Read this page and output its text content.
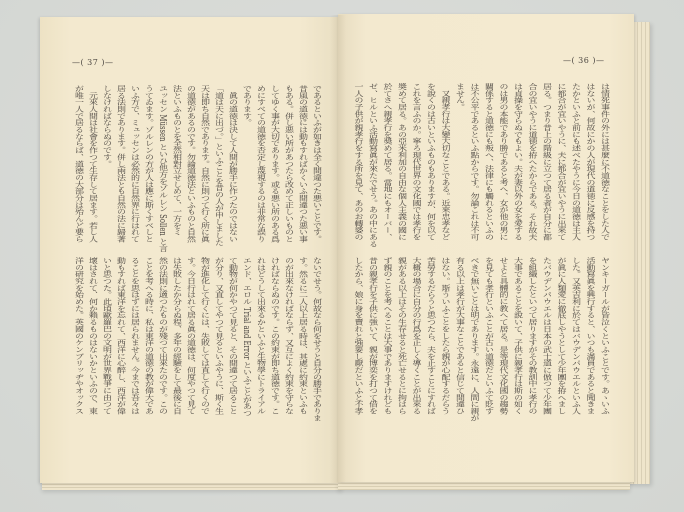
—( 37 )—	—( 36 )—
は情死事件の外には甚麼に不道徳なことをした人で
はないが、何故にかの人が現代の道徳に反感を持つ
たかといふと前にも述べたやうに今日の道徳は主人
に都合が宜いやうに、夫に都合が宜いやうに出來て
居る。つまり昔上の階級に立つて居る者が自分に都
合の宜いやうに道徳を拵へたからである。それ故夫
は貞操を守らぬでもよい。夫が妻以外の女を愛する
のは男の本能であり勝であると考へ、女が他の男に
關係すると道徳にも叛へ、法律にも觸れるといふの
は不公平であるといふ點からです。勿論これは不可
ません。
　又親孝行は大變大切なことである。近來忠孝など
を說くのは古いといふものもありますが、何を以て
これを言ふのか。寧ろ現代世界の文化國では孝行を
奬めて居る。あの亞米利加の自由な個人主義の國に
於てさへ親孝行を奬めて居る。當地にもオーバー、
ゼ、ヒルといふ活動寫眞が來たでせう。あの中にある
一人の子供が親孝行をする所を見て、あのお轉婆の
ヤンキーガールが皆泣くといふことです。あゝいふ
活動寫眞を興行すると、いつも滿員であると聞きま
した。又英吉利に於てはバウデンパウエルといふ人
が眞に人類愛に徹底しやうとして少年團を拵へまし
たバウデンパウエルは日本の武士道に倣つて少年團
を組織したといつて居りますがその教訓中に孝行の
大事であることを說いて、子供に親孝行は斯の如く
せよと具體的に教へて居る。是等現代文化國の趨勢
を見ても孝行といふことが古い道徳だといふて貶す
べきで無いことは明であります。永遠に、人間に親が
有る以上は孝行が大事なことであると信じて間違ひ
はない。斯ういふことをしたら親が心配するだらう
苦勞するだらうと思つたら、夫を止すことにすれば
大概の場合に自分の行爲を正しく導くことが出來る
親がある以上はその生存せると死亡せるとに拘はら
ず親のことを考へることは大事でありますけれども
昔の親孝行を子供に強いて、親が博奕を打つて借を
したから、娘に身を賣れと強要し厭だといふと不孝
であるといふが如きは全く間違つた悪いことです。
昔風の道徳には動もすればかくいふ間違つた悪い事
もある。併し悪い所があつたら改めて正しいものと
してゆく事が大切であります。或る悪い所のある爲
めにすべての道徳を否定し蔑視するのは非常な誤り
であります。
　眞の道徳は決して人間が勝手に作つたのではない
「道は天に出づ。」といふことを昔の人が申しました
天は即ち自然であります。自然に則つて行く所に眞
の道徳があるのです。勿論道徳法といふものと自然
法といふものとを全然相對立せしめて、一方をミ
ユッセン Müssen といひ他方をゾルレン Sollen と言
うてゐます。ゾルレンの方が人は應に斯くすべしと
いふ方で、ミュッセンは必然的に自然界に行はれて
居る法則であります。併し兩法とも自然の法に歸著
しなければならぬのです。
　元來人間は社會を作つて生存して居ます。若し人
が唯一人で居るならば、道徳の大部分は殆んど要ら
ないでせう。何故なら何をせうと自分の勝手でありま
す。然るに二人以上居る時は、其處に約束といふも
のが出來なければならず、又互によく約束を守らな
ければならぬのです。この約束が即ち道徳です。こ
れはどうして出來るかといふと生物學にトライアル
エンド、エロル Trial and Error といふことがあつ
て動物が何かやつて見ると、その間違つて居ること
が分り、又直してやつて見るといふやうに、斯く生
物が進化して行くには、失敗しては直して行くので
す。今日行はれて居る眞の道徳は、何度やつて見て
は失敗したか分らぬ程、多年の經驗をして最後に自
然の法則に適つたものが殘つて出來たのです。この
ことを考へる時に、私は東洋の道徳の教が偉大であ
ることを思はずには居られません。今までは吾々は
動もすれば東洋を忘れて、西洋に心醉し、西洋が偉
いと思つた。此頃歐羅巴の文明が世界戰爭に由つて
壞はされて、何か賴るものはないかといふので、東
洋の研究を始めた。英國のケンブリッヂやオックス
